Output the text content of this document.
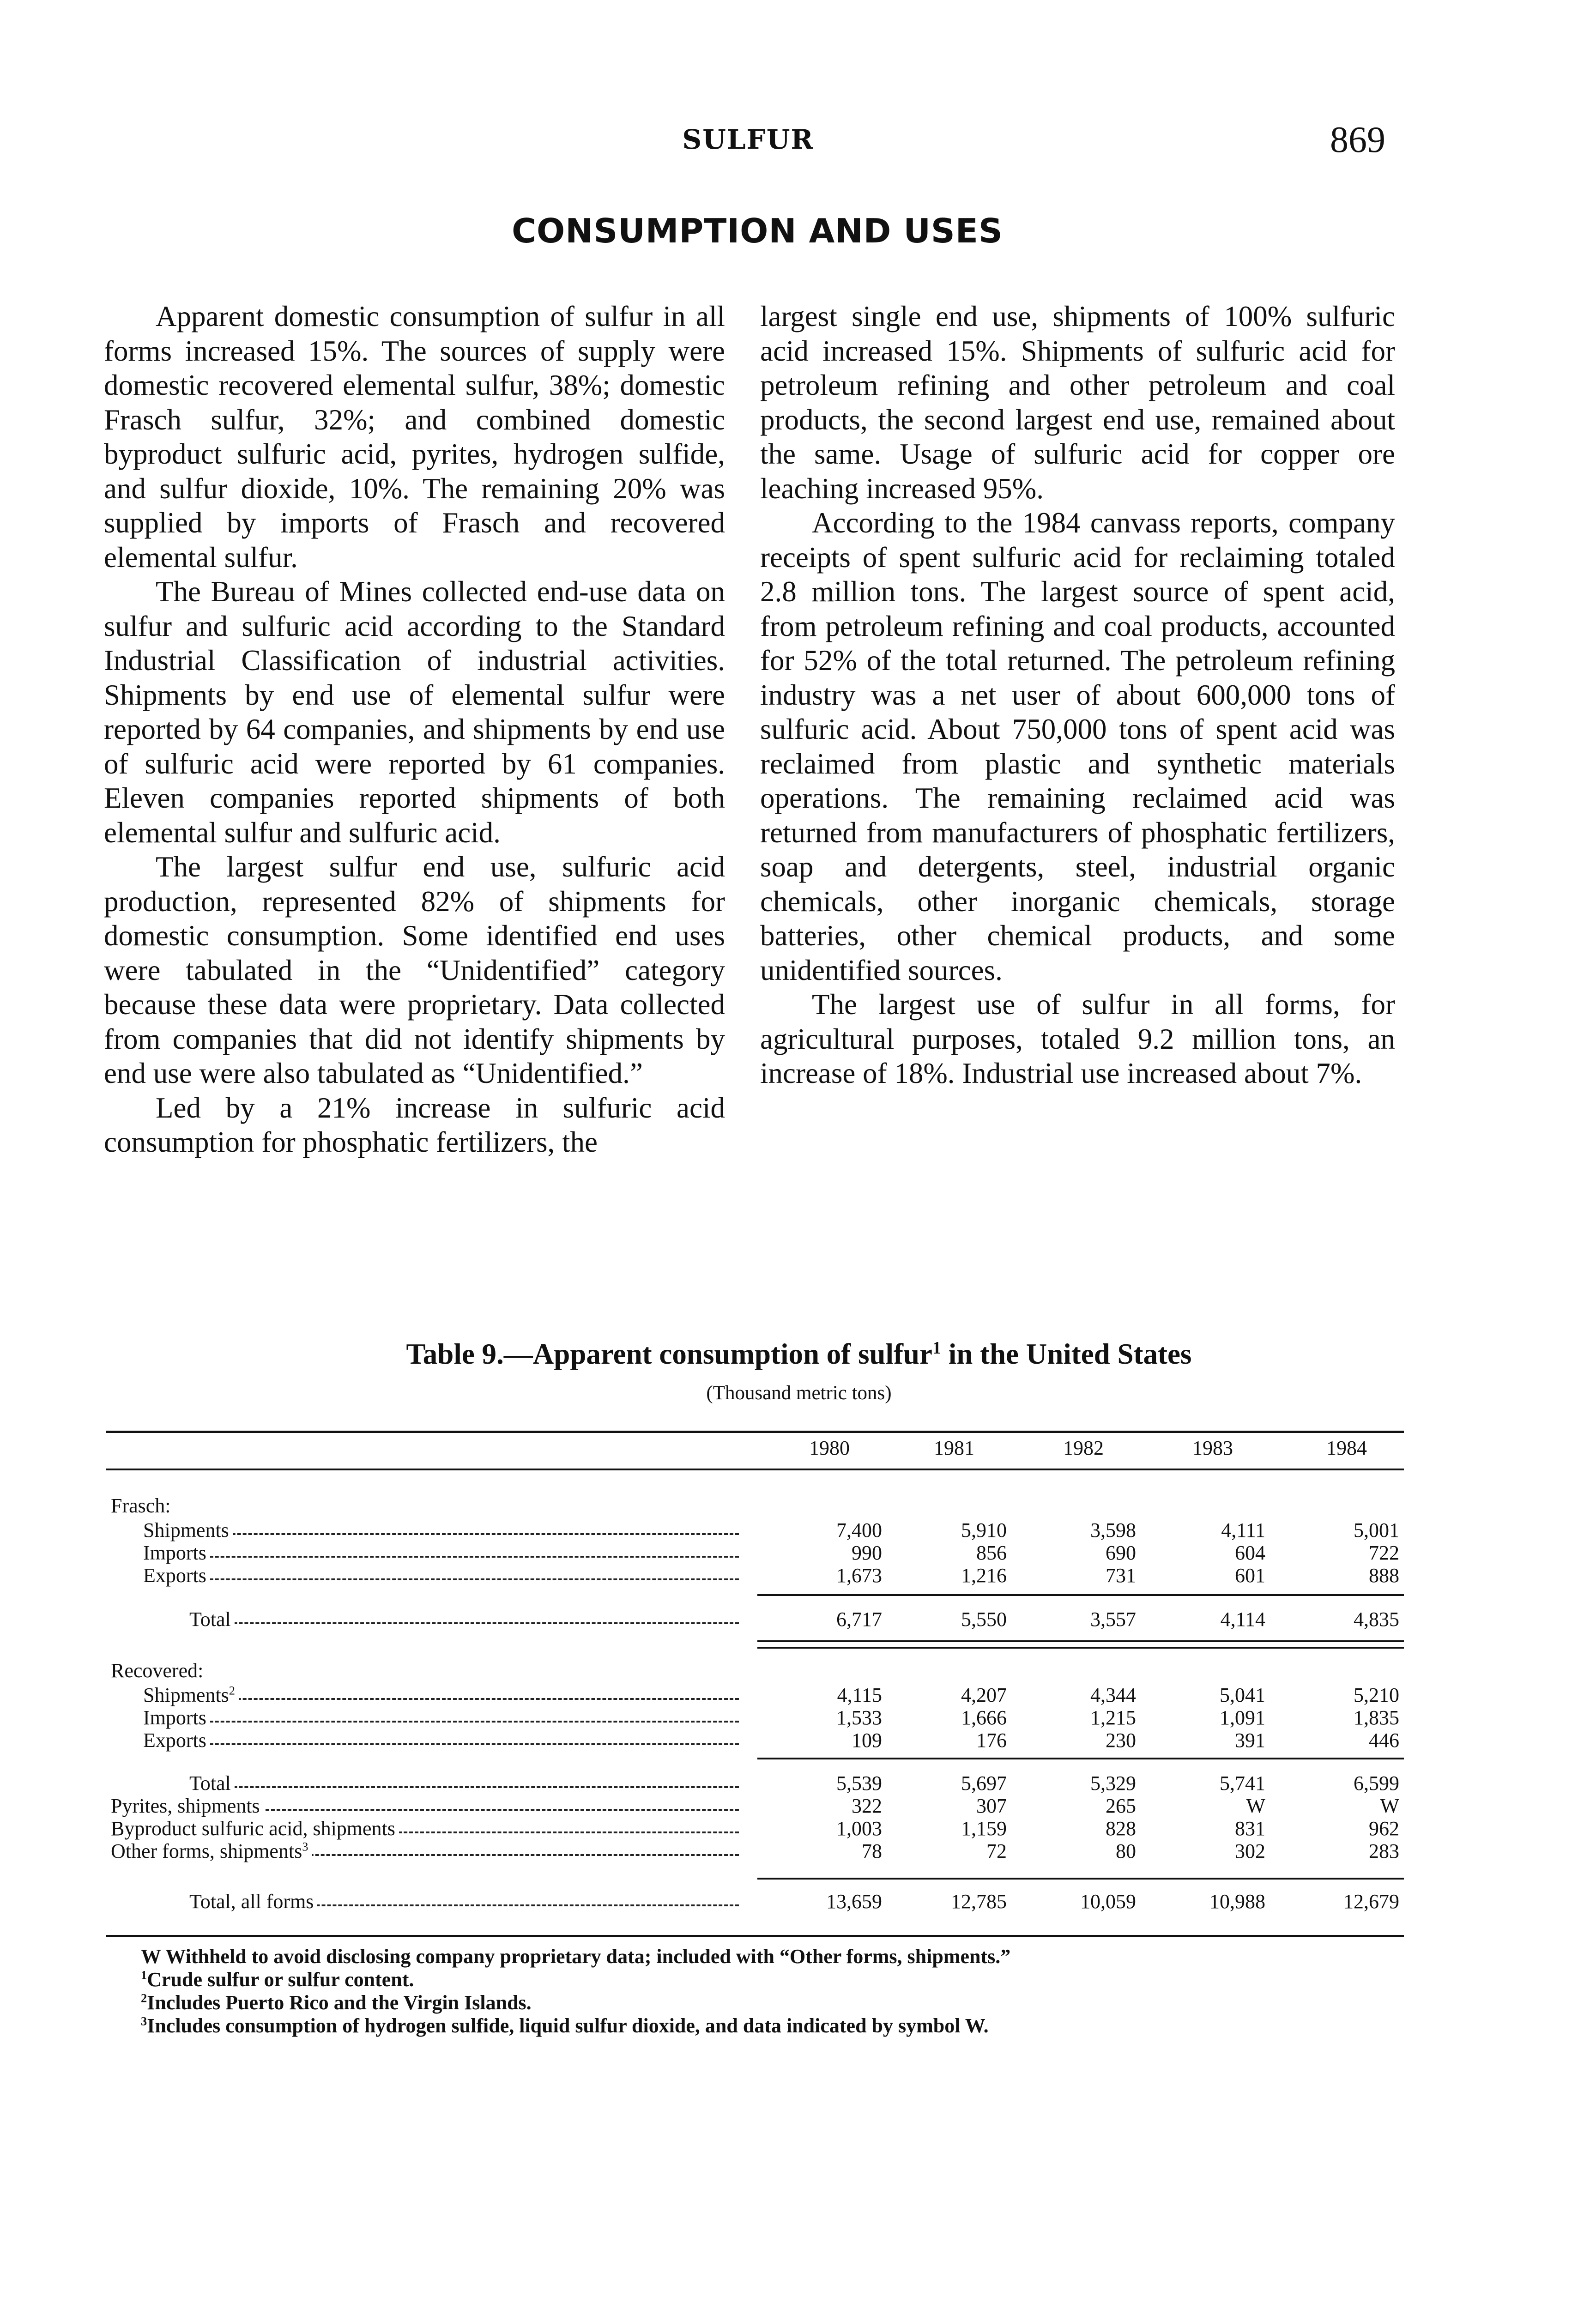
SULFUR	869
CONSUMPTION AND USES

Apparent domestic consumption of sulfur in all forms increased 15%. The sources of supply were domestic recovered elemental sulfur, 38%; domestic Frasch sulfur, 32%; and combined domestic byproduct sulfuric acid, pyrites, hydrogen sulfide, and sulfur dioxide, 10%. The remaining 20% was supplied by imports of Frasch and recovered elemental sulfur.

The Bureau of Mines collected end-use data on sulfur and sulfuric acid according to the Standard Industrial Classification of industrial activities. Shipments by end use of elemental sulfur were reported by 64 companies, and shipments by end use of sulfuric acid were reported by 61 companies. Eleven companies reported shipments of both elemental sulfur and sulfuric acid.

The largest sulfur end use, sulfuric acid production, represented 82% of shipments for domestic consumption. Some identified end uses were tabulated in the “Unidentified” category because these data were proprietary. Data collected from companies that did not identify shipments by end use were also tabulated as “Unidentified.”

Led by a 21% increase in sulfuric acid consumption for phosphatic fertilizers, the

largest single end use, shipments of 100% sulfuric acid increased 15%. Shipments of sulfuric acid for petroleum refining and other petroleum and coal products, the second largest end use, remained about the same. Usage of sulfuric acid for copper ore leaching increased 95%.

According to the 1984 canvass reports, company receipts of spent sulfuric acid for reclaiming totaled 2.8 million tons. The largest source of spent acid, from petroleum refining and coal products, accounted for 52% of the total returned. The petroleum refining industry was a net user of about 600,000 tons of sulfuric acid. About 750,000 tons of spent acid was reclaimed from plastic and synthetic materials operations. The remaining reclaimed acid was returned from manufacturers of phosphatic fertilizers, soap and detergents, steel, industrial organic chemicals, other inorganic chemicals, storage batteries, other chemical products, and some unidentified sources.

The largest use of sulfur in all forms, for agricultural purposes, totaled 9.2 million tons, an increase of 18%. Industrial use increased about 7%.

Table 9.—Apparent consumption of sulfur$^1$ in the United States
(Thousand metric tons)
1980	1981	1982	1983	1984
Frasch:
Shipments	7,400	5,910	3,598	4,111	5,001
Imports	990	856	690	604	722
Exports	1,673	1,216	731	601	888
Total	6,717	5,550	3,557	4,114	4,835
Recovered:
Shipments$^2$	4,115	4,207	4,344	5,041	5,210
Imports	1,533	1,666	1,215	1,091	1,835
Exports	109	176	230	391	446
Total	5,539	5,697	5,329	5,741	6,599
Pyrites, shipments	322	307	265	W	W
Byproduct sulfuric acid, shipments	1,003	1,159	828	831	962
Other forms, shipments$^3$	78	72	80	302	283
Total, all forms	13,659	12,785	10,059	10,988	12,679
W Withheld to avoid disclosing company proprietary data; included with “Other forms, shipments.”
$^1$Crude sulfur or sulfur content.
$^2$Includes Puerto Rico and the Virgin Islands.
$^3$Includes consumption of hydrogen sulfide, liquid sulfur dioxide, and data indicated by symbol W.
